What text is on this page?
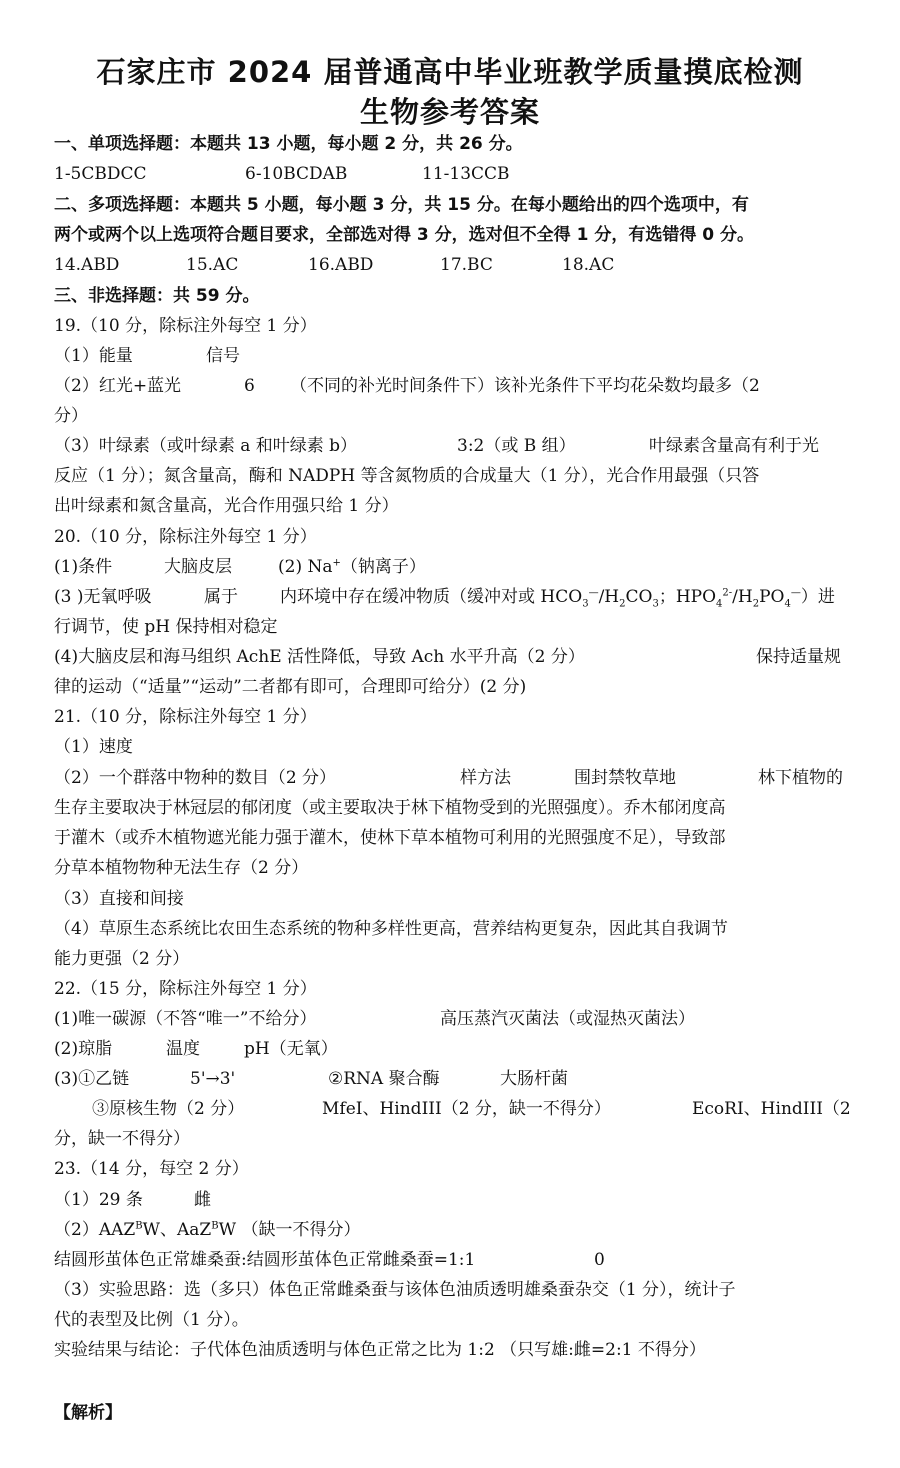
石家庄市 2024 届普通高中毕业班教学质量摸底检测
生物参考答案
一、单项选择题：本题共 13 小题，每小题 2 分，共 26 分。
1-5CBDCC	6-10BCDAB	11-13CCB
二、多项选择题：本题共 5 小题，每小题 3 分，共 15 分。在每小题给出的四个选项中，有
两个或两个以上选项符合题目要求，全部选对得 3 分，选对但不全得 1 分，有选错得 0 分。
14.ABD	15.AC	16.ABD	17.BC	18.AC
三、非选择题：共 59 分。
19.（10 分，除标注外每空 1 分）
（1）能量	信号
（2）红光+蓝光	6 （不同的补光时间条件下）该补光条件下平均花朵数均最多（2
分）
（3）叶绿素（或叶绿素 a 和叶绿素 b）	3:2（或 B 组）	叶绿素含量高有利于光
反应（1 分）；氮含量高，酶和 NADPH 等含氮物质的合成量大（1 分），光合作用最强（只答
出叶绿素和氮含量高，光合作用强只给 1 分）
20.（10 分，除标注外每空 1 分）
(1)条件	大脑皮层	(2) Na+（钠离子）
(3 )无氧呼吸	属于 内环境中存在缓冲物质（缓冲对或 $HCO_3^—/H_2CO_3$；$HPO_4^{2-}/H_2PO_4^—$）进
行调节，使 pH 保持相对稳定
(4)大脑皮层和海马组织 AchE 活性降低，导致 Ach 水平升高（2 分）	保持适量规
律的运动（“适量”“运动”二者都有即可，合理即可给分）(2 分)
21.（10 分，除标注外每空 1 分）
（1）速度
（2）一个群落中物种的数目（2 分）	样方法	围封禁牧草地	林下植物的
生存主要取决于林冠层的郁闭度（或主要取决于林下植物受到的光照强度）。乔木郁闭度高
于灌木（或乔木植物遮光能力强于灌木，使林下草本植物可利用的光照强度不足），导致部
分草本植物物种无法生存（2 分）
（3）直接和间接
（4）草原生态系统比农田生态系统的物种多样性更高，营养结构更复杂，因此其自我调节
能力更强（2 分）
22.（15 分，除标注外每空 1 分）
(1)唯一碳源（不答“唯一”不给分）	高压蒸汽灭菌法（或湿热灭菌法）
(2)琼脂	温度	pH（无氧）
(3)①乙链	5'→3'	②RNA 聚合酶	大肠杆菌
③原核生物（2 分）	MfeI、HindIII（2 分，缺一不得分）	EcoRI、HindIII（2
分，缺一不得分）
23.（14 分，每空 2 分）
（1）29 条	雌
$(2)AAZ^BW$、AaZ$^B$W （缺一不得分）
结圆形茧体色正常雄桑蚕:结圆形茧体色正常雌桑蚕=1:1	0
（3）实验思路：选（多只）体色正常雌桑蚕与该体色油质透明雄桑蚕杂交（1 分），统计子
代的表型及比例（1 分）。
实验结果与结论：子代体色油质透明与体色正常之比为 1:2 （只写雄:雌=2:1 不得分）
【解析】
